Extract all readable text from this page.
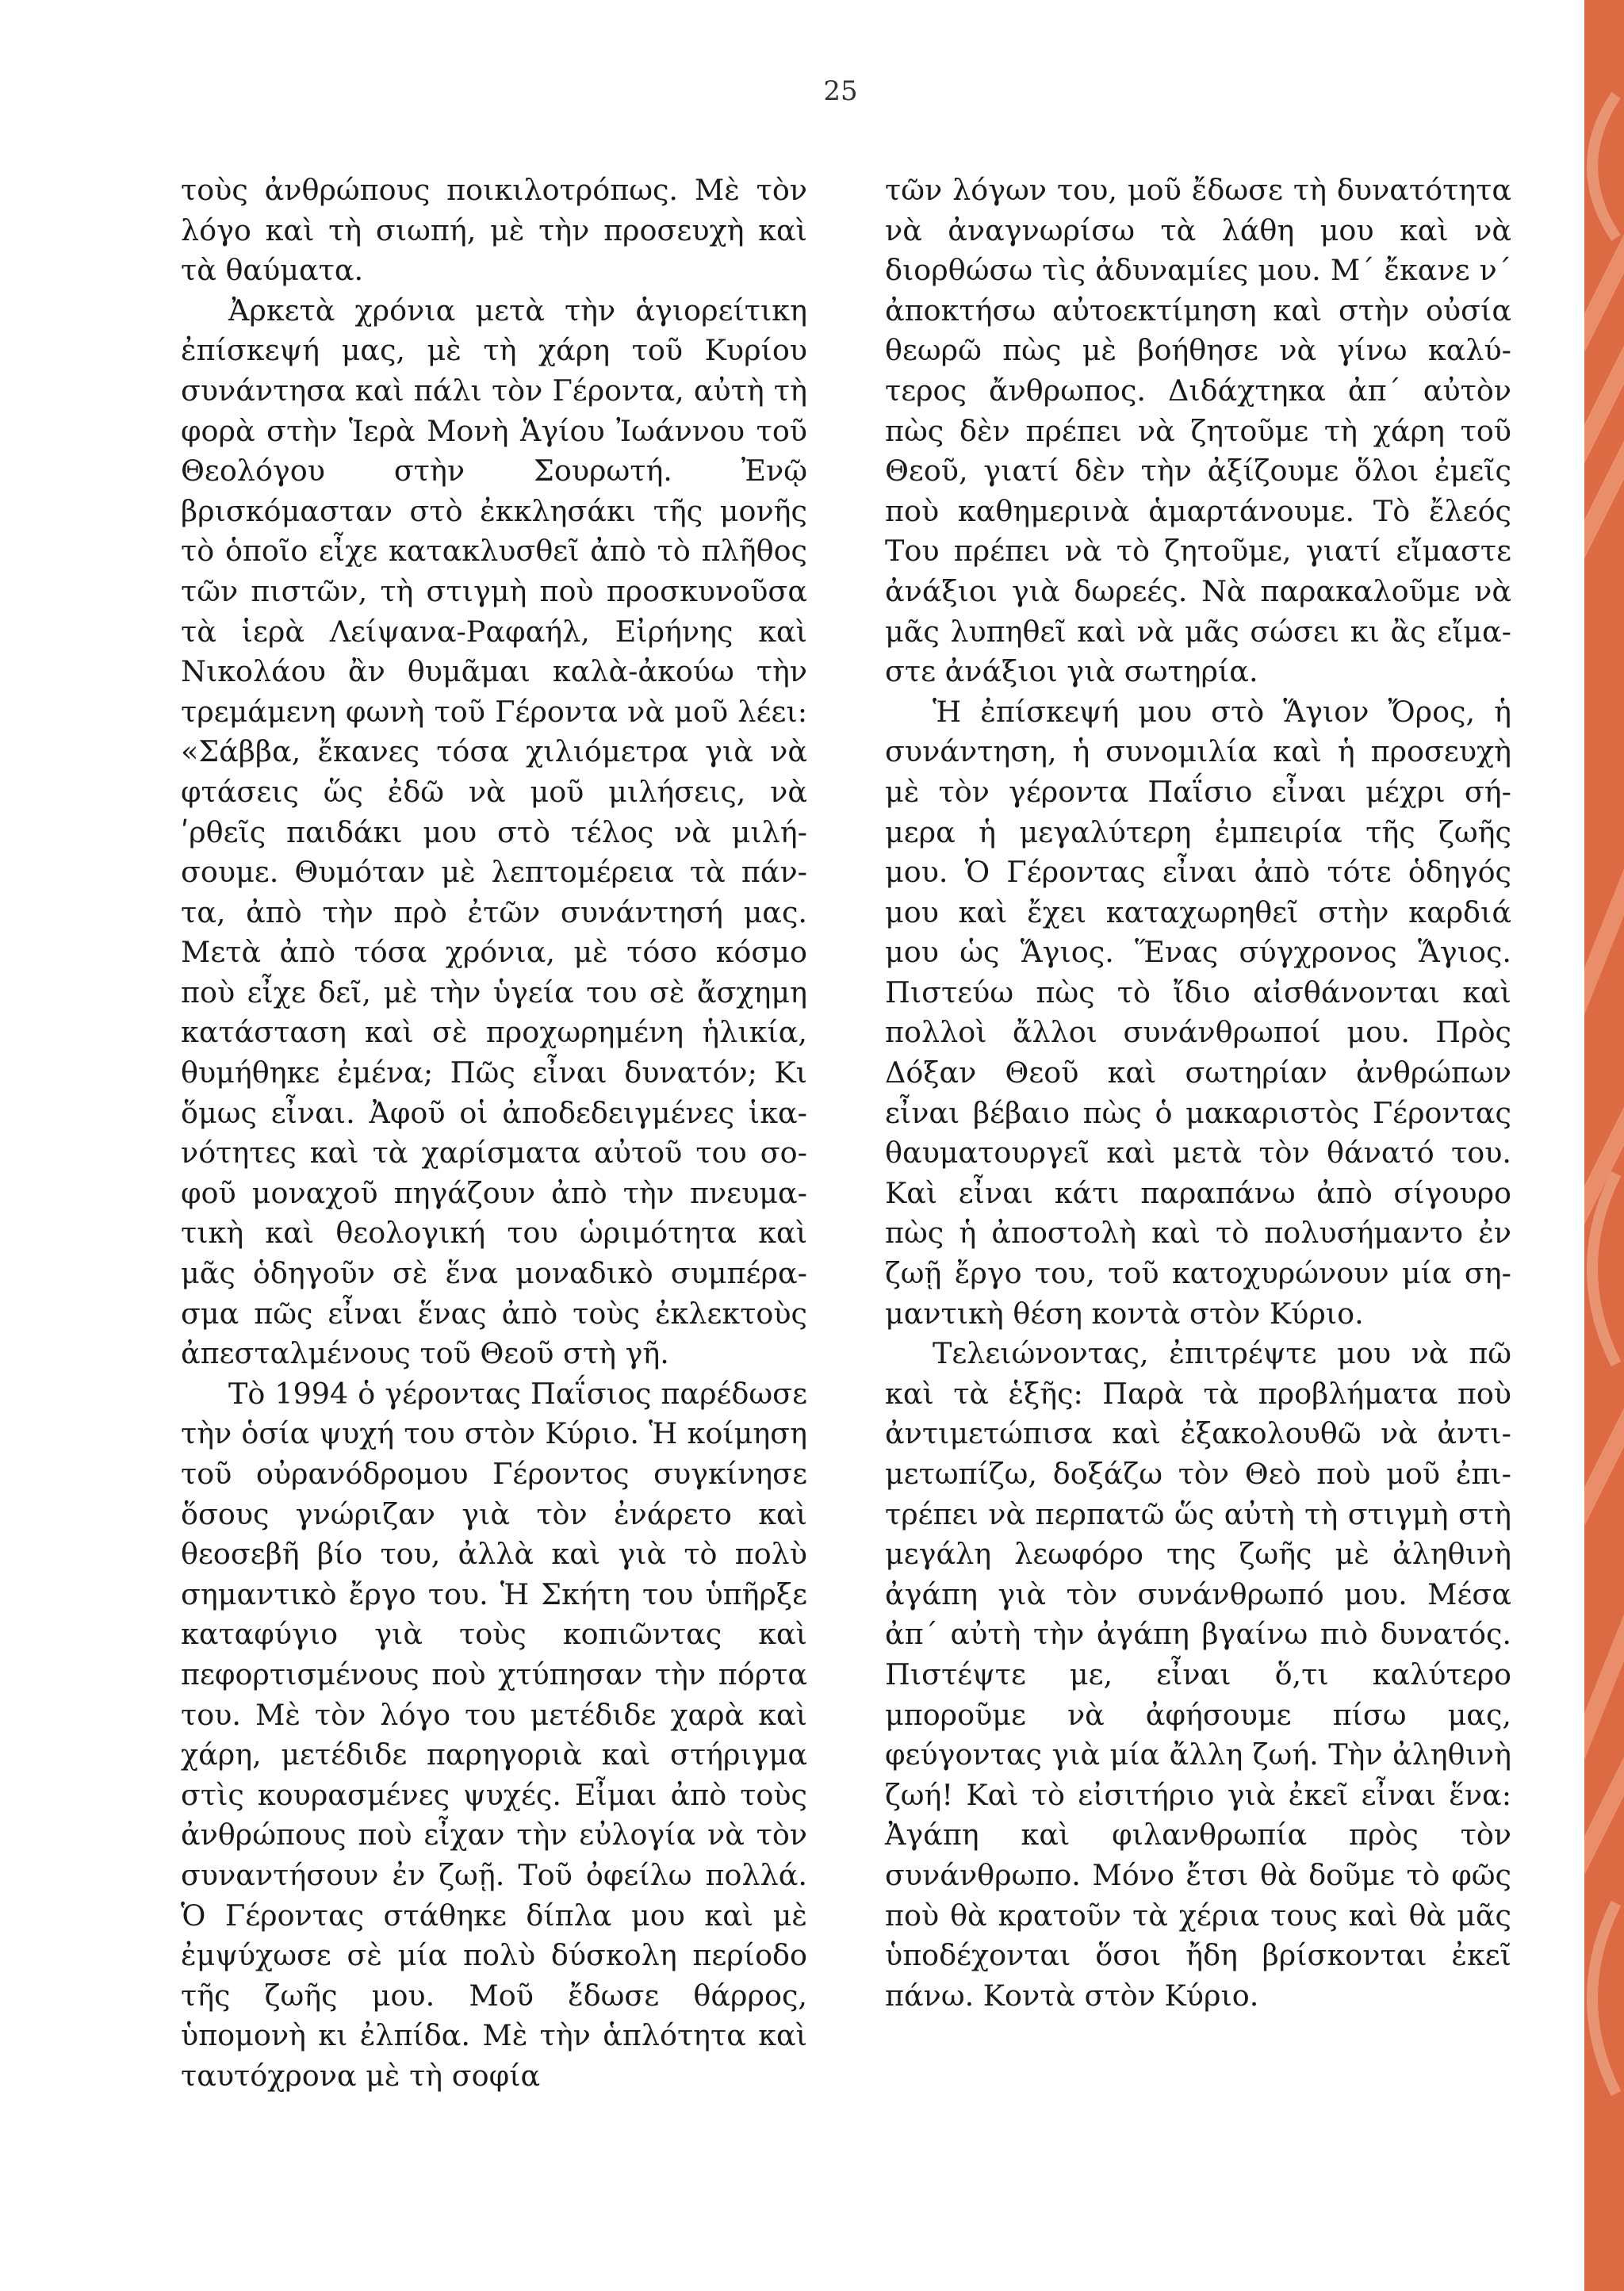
25

τοὺς ἀνθρώπους ποικιλοτρόπως. Μὲ τὸν λόγο καὶ τὴ σιωπή, μὲ τὴν προσευχὴ καὶ τὰ θαύματα.

Ἀρκετὰ χρόνια μετὰ τὴν ἁγιορείτικη ἐπίσκεψή μας, μὲ τὴ χάρη τοῦ Κυρίου συνάντησα καὶ πάλι τὸν Γέροντα, αὐτὴ τὴ φορὰ στὴν Ἱερὰ Μονὴ Ἁγίου Ἰωάννου τοῦ Θεολόγου στὴν Σουρωτή. Ἐνῷ βρισκόμασταν στὸ ἐκκλησάκι τῆς μονῆς τὸ ὁποῖο εἶχε κατακλυσθεῖ ἀπὸ τὸ πλῆθος τῶν πιστῶν, τὴ στιγμὴ ποὺ προσκυνοῦσα τὰ ἱερὰ Λείψανα-Ραφαήλ, Εἰρήνης καὶ Νικολάου ἂν θυμᾶμαι καλὰ-ἀκούω τὴν τρεμάμενη φωνὴ τοῦ Γέροντα νὰ μοῦ λέει: «Σάββα, ἔκανες τόσα χιλιόμετρα γιὰ νὰ φτάσεις ὥς ἐδῶ νὰ μοῦ μιλήσεις, νὰ ʹρθεῖς παιδάκι μου στὸ τέλος νὰ μιλήσουμε. Θυμόταν μὲ λεπτομέρεια τὰ πάντα, ἀπὸ τὴν πρὸ ἐτῶν συνάντησή μας. Μετὰ ἀπὸ τόσα χρόνια, μὲ τόσο κόσμο ποὺ εἶχε δεῖ, μὲ τὴν ὑγεία του σὲ ἄσχημη κατάσταση καὶ σὲ προχωρημένη ἡλικία, θυμήθηκε ἐμένα; Πῶς εἶναι δυνατόν; Κι ὅμως εἶναι. Ἀφοῦ οἱ ἀποδεδειγμένες ἱκανότητες καὶ τὰ χαρίσματα αὐτοῦ του σοφοῦ μοναχοῦ πηγάζουν ἀπὸ τὴν πνευματικὴ καὶ θεολογική του ὡριμότητα καὶ μᾶς ὁδηγοῦν σὲ ἕνα μοναδικὸ συμπέρασμα πῶς εἶναι ἕνας ἀπὸ τοὺς ἐκλεκτοὺς ἀπεσταλμένους τοῦ Θεοῦ στὴ γῆ.

Τὸ 1994 ὁ γέροντας Παΐσιος παρέδωσε τὴν ὁσία ψυχή του στὸν Κύριο. Ἡ κοίμηση τοῦ οὐρανόδρομου Γέροντος συγκίνησε ὅσους γνώριζαν γιὰ τὸν ἐνάρετο καὶ θεοσεβῆ βίο του, ἀλλὰ καὶ γιὰ τὸ πολὺ σημαντικὸ ἔργο του. Ἡ Σκήτη του ὑπῆρξε καταφύγιο γιὰ τοὺς κοπιῶντας καὶ πεφορτισμένους ποὺ χτύπησαν τὴν πόρτα του. Μὲ τὸν λόγο του μετέδιδε χαρὰ καὶ χάρη, μετέδιδε παρηγοριὰ καὶ στήριγμα στὶς κουρασμένες ψυχές. Εἶμαι ἀπὸ τοὺς ἀνθρώπους ποὺ εἶχαν τὴν εὐλογία νὰ τὸν συναντήσουν ἐν ζωῇ. Τοῦ ὀφείλω πολλά. Ὁ Γέροντας στάθηκε δίπλα μου καὶ μὲ ἐμψύχωσε σὲ μία πολὺ δύσκολη περίοδο τῆς ζωῆς μου. Μοῦ ἔδωσε θάρρος, ὑπομονὴ κι ἐλπίδα. Μὲ τὴν ἁπλότητα καὶ ταυτόχρονα μὲ τὴ σοφία

τῶν λόγων του, μοῦ ἔδωσε τὴ δυνατότητα νὰ ἀναγνωρίσω τὰ λάθη μου καὶ νὰ διορθώσω τὶς ἀδυναμίες μου. Μ΄ ἔκανε ν΄ ἀποκτήσω αὐτοεκτίμηση καὶ στὴν οὐσία θεωρῶ πὼς μὲ βοήθησε νὰ γίνω καλύτερος ἄνθρωπος. Διδάχτηκα ἀπ΄ αὐτὸν πὼς δὲν πρέπει νὰ ζητοῦμε τὴ χάρη τοῦ Θεοῦ, γιατί δὲν τὴν ἀξίζουμε ὅλοι ἐμεῖς ποὺ καθημερινὰ ἁμαρτάνουμε. Τὸ ἔλεός Του πρέπει νὰ τὸ ζητοῦμε, γιατί εἴμαστε ἀνάξιοι γιὰ δωρεές. Νὰ παρακαλοῦμε νὰ μᾶς λυπηθεῖ καὶ νὰ μᾶς σώσει κι ἂς εἴμαστε ἀνάξιοι γιὰ σωτηρία.

Ἡ ἐπίσκεψή μου στὸ Ἅγιον Ὄρος, ἡ συνάντηση, ἡ συνομιλία καὶ ἡ προσευχὴ μὲ τὸν γέροντα Παΐσιο εἶναι μέχρι σήμερα ἡ μεγαλύτερη ἐμπειρία τῆς ζωῆς μου. Ὁ Γέροντας εἶναι ἀπὸ τότε ὁδηγός μου καὶ ἔχει καταχωρηθεῖ στὴν καρδιά μου ὡς Ἅγιος. Ἕνας σύγχρονος Ἅγιος. Πιστεύω πὼς τὸ ἴδιο αἰσθάνονται καὶ πολλοὶ ἄλλοι συνάνθρωποί μου. Πρὸς Δόξαν Θεοῦ καὶ σωτηρίαν ἀνθρώπων εἶναι βέβαιο πὼς ὁ μακαριστὸς Γέροντας θαυματουργεῖ καὶ μετὰ τὸν θάνατό του. Καὶ εἶναι κάτι παραπάνω ἀπὸ σίγουρο πὼς ἡ ἀποστολὴ καὶ τὸ πολυσήμαντο ἐν ζωῇ ἔργο του, τοῦ κατοχυρώνουν μία σημαντικὴ θέση κοντὰ στὸν Κύριο.

Τελειώνοντας, ἐπιτρέψτε μου νὰ πῶ καὶ τὰ ἑξῆς: Παρὰ τὰ προβλήματα ποὺ ἀντιμετώπισα καὶ ἐξακολουθῶ νὰ ἀντιμετωπίζω, δοξάζω τὸν Θεὸ ποὺ μοῦ ἐπιτρέπει νὰ περπατῶ ὥς αὐτὴ τὴ στιγμὴ στὴ μεγάλη λεωφόρο της ζωῆς μὲ ἀληθινὴ ἀγάπη γιὰ τὸν συνάνθρωπό μου. Μέσα ἀπ΄ αὐτὴ τὴν ἀγάπη βγαίνω πιὸ δυνατός. Πιστέψτε με, εἶναι ὅ,τι καλύτερο μποροῦμε νὰ ἀφήσουμε πίσω μας, φεύγοντας γιὰ μία ἄλλη ζωή. Τὴν ἀληθινὴ ζωή! Καὶ τὸ εἰσιτήριο γιὰ ἐκεῖ εἶναι ἕνα: Ἀγάπη καὶ φιλανθρωπία πρὸς τὸν συνάνθρωπο. Μόνο ἔτσι θὰ δοῦμε τὸ φῶς ποὺ θὰ κρατοῦν τὰ χέρια τους καὶ θὰ μᾶς ὑποδέχονται ὅσοι ἤδη βρίσκονται ἐκεῖ πάνω. Κοντὰ στὸν Κύριο.
